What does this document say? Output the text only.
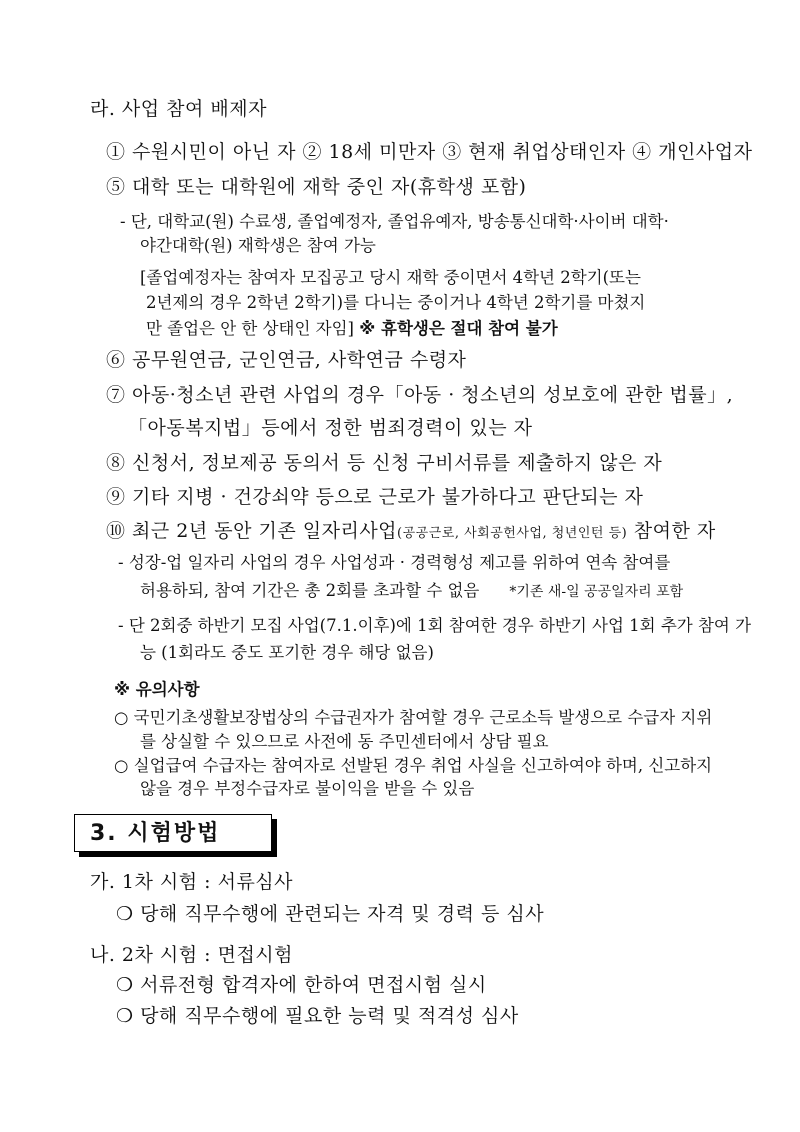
라. 사업 참여 배제자
① 수원시민이 아닌 자 ② 18세 미만자 ③ 현재 취업상태인자 ④ 개인사업자
⑤ 대학 또는 대학원에 재학 중인 자(휴학생 포함)
- 단, 대학교(원) 수료생, 졸업예정자, 졸업유예자, 방송통신대학·사이버 대학·
야간대학(원) 재학생은 참여 가능
[졸업예정자는 참여자 모집공고 당시 재학 중이면서 4학년 2학기(또는
2년제의 경우 2학년 2학기)를 다니는 중이거나 4학년 2학기를 마쳤지
만 졸업은 안 한 상태인 자임] ※ 휴학생은 절대 참여 불가
⑥ 공무원연금, 군인연금, 사학연금 수령자
⑦ 아동·청소년 관련 사업의 경우「아동 · 청소년의 성보호에 관한 법률」,
「아동복지법」등에서 정한 범죄경력이 있는 자
⑧ 신청서, 정보제공 동의서 등 신청 구비서류를 제출하지 않은 자
⑨ 기타 지병 · 건강쇠약 등으로 근로가 불가하다고 판단되는 자
⑩ 최근 2년 동안 기존 일자리사업(공공근로, 사회공헌사업, 청년인턴 등) 참여한 자
- 성장-업 일자리 사업의 경우 사업성과 · 경력형성 제고를 위하여 연속 참여를
허용하되, 참여 기간은 총 2회를 초과할 수 없음 *기존 새-일 공공일자리 포함
- 단 2회중 하반기 모집 사업(7.1.이후)에 1회 참여한 경우 하반기 사업 1회 추가 참여 가
능 (1회라도 중도 포기한 경우 해당 없음)
※ 유의사항
○ 국민기초생활보장법상의 수급권자가 참여할 경우 근로소득 발생으로 수급자 지위
를 상실할 수 있으므로 사전에 동 주민센터에서 상담 필요
○ 실업급여 수급자는 참여자로 선발된 경우 취업 사실을 신고하여야 하며, 신고하지
않을 경우 부정수급자로 불이익을 받을 수 있음
3. 시험방법
가. 1차 시험 : 서류심사
❍ 당해 직무수행에 관련되는 자격 및 경력 등 심사
나. 2차 시험 : 면접시험
❍ 서류전형 합격자에 한하여 면접시험 실시
❍ 당해 직무수행에 필요한 능력 및 적격성 심사
